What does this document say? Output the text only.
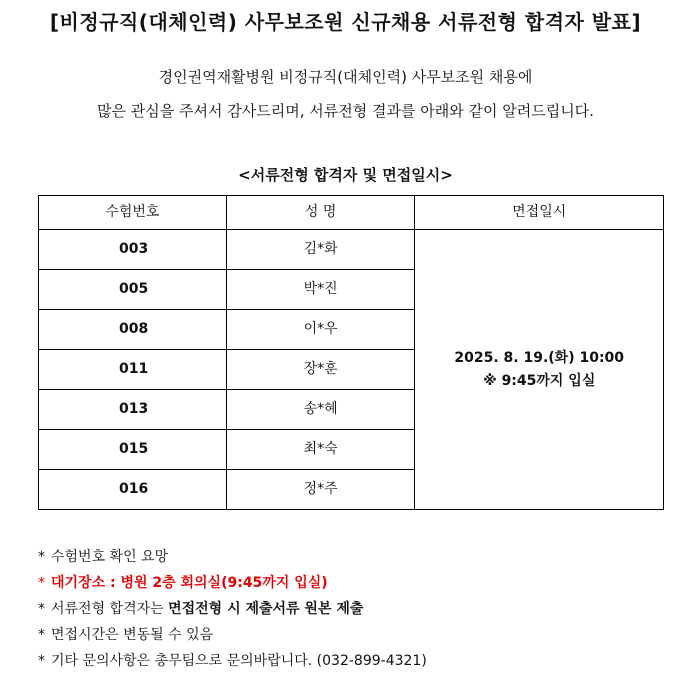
[비정규직(대체인력) 사무보조원 신규채용 서류전형 합격자 발표]
경인권역재활병원 비정규직(대체인력) 사무보조원 채용에
많은 관심을 주셔서 감사드리며, 서류전형 결과를 아래와 같이 알려드립니다.
<서류전형 합격자 및 면접일시>
수험번호	성 명	면접일시
003	김*화	2025. 8. 19.(화) 10:00
※ 9:45까지 입실

005	박*진	
008	이*우	
011	장*훈	
013	송*혜	
015	최*숙	
016	정*주	
* 수험번호 확인 요망
* 대기장소 : 병원 2층 회의실(9:45까지 입실)
* 서류전형 합격자는 면접전형 시 제출서류 원본 제출
* 면접시간은 변동될 수 있음
* 기타 문의사항은 총무팀으로 문의바랍니다. (032-899-4321)
